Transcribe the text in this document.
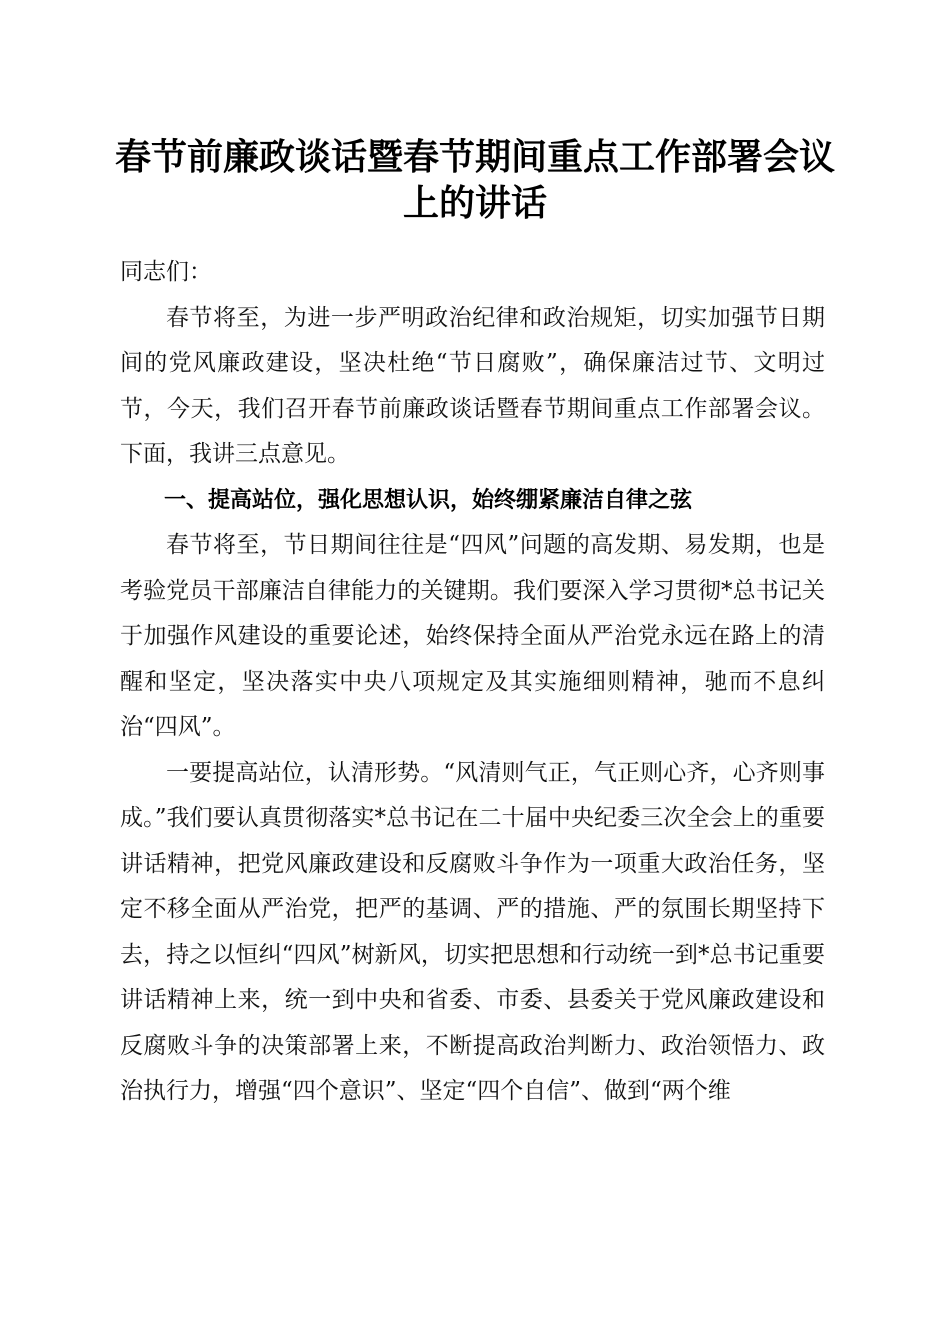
春节前廉政谈话暨春节期间重点工作部署会议
上的讲话

同志们：

春节将至，为进一步严明政治纪律和政治规矩，切实加强节日期间的党风廉政建设，坚决杜绝“节日腐败”，确保廉洁过节、文明过节，今天，我们召开春节前廉政谈话暨春节期间重点工作部署会议。下面，我讲三点意见。

一、提高站位，强化思想认识，始终绷紧廉洁自律之弦

春节将至，节日期间往往是“四风”问题的高发期、易发期，也是考验党员干部廉洁自律能力的关键期。我们要深入学习贯彻*总书记关于加强作风建设的重要论述，始终保持全面从严治党永远在路上的清醒和坚定，坚决落实中央八项规定及其实施细则精神，驰而不息纠治“四风”。

一要提高站位，认清形势。“风清则气正，气正则心齐，心齐则事成。”我们要认真贯彻落实*总书记在二十届中央纪委三次全会上的重要讲话精神，把党风廉政建设和反腐败斗争作为一项重大政治任务，坚定不移全面从严治党，把严的基调、严的措施、严的氛围长期坚持下去，持之以恒纠“四风”树新风，切实把思想和行动统一到*总书记重要讲话精神上来，统一到中央和省委、市委、县委关于党风廉政建设和反腐败斗争的决策部署上来，不断提高政治判断力、政治领悟力、政治执行力，增强“四个意识”、坚定“四个自信”、做到“两个维
